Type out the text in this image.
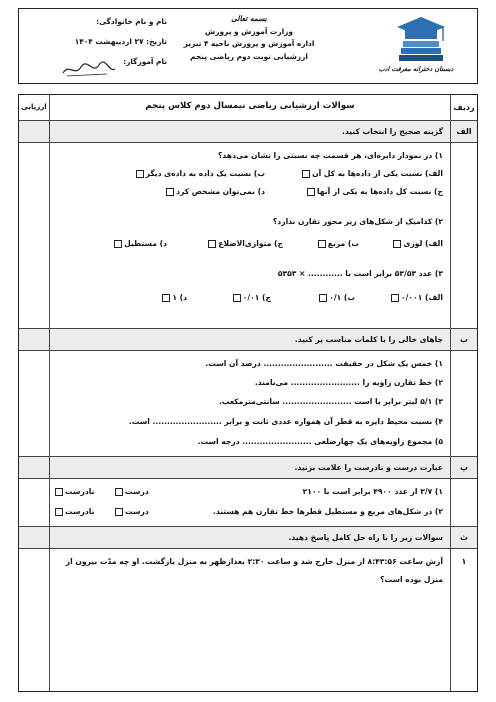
دبستان دخترانه معرفت ادب
بسمه تعالی
وزارت آموزش و پرورش
اداره آموزش و پرورش ناحیه ۴ تبریز
ارزشیابی نوبت دوم ریاضی پنجم
نام و نام خانوادگی:
تاریخ: ۲۷ اردیبهشت ۱۴۰۴
نام آموزگار:
ردیف
ارزیابی	سوالات ارزشیابی ریاضی نیمسال دوم کلاس پنجم
الف
گزینه صحیح را انتخاب کنید.
۱) در نمودار دایره‌ای، هر قسمت چه نسبتی را نشان می‌دهد؟
الف) نسبت یکی از داده‌ها به کل آن
ب) نسبت یک داده به داده‌ی دیگر
ج) نسبت کل داده‌ها به یکی از آنها
د) نمی‌توان مشخص کرد
۲) کدامیک از شکل‌های زیر محور تقارن ندارد؟
الف) لوزی
ب) مربع
ج) متوازی‌الاضلاع
د) مستطیل
۳) عدد ۵۳/۵۳ برابر است با ............ × ۵۳۵۳
الف) ۰/۰۰۱
ب) ۰/۱
ج) ۰/۰۱
د) ۱
ب
جاهای خالی را با کلمات مناسب پر کنید.
۱) خمس یک شکل در حقیقت ........................ درصد آن است.
۲) خط تقارن زاویه را ........................ می‌نامند.
۳) ۵/۱ لیتر برابر با است ........................ سانتی‌مترمکعب.
۴) نسبت محیط دایره به قطر آن همواره عددی ثابت و برابر ........................ است.
۵) مجموع زاویه‌های یک چهارضلعی ........................ درجه است.
پ
عبارت درست و نادرست را علامت بزنید.
۱) ۳/۷ از عدد ۴۹۰۰ برابر است با ۲۱۰۰
درست
نادرست
۲) در شکل‌های مربع و مستطیل قطر‌ها خط تقارن هم هستند.
درست
نادرست
ث
سوالات زیر را با راه حل کامل پاسخ دهید.
۱
آرش ساعت ۸:۴۳:۵۶ از منزل خارج شد و ساعت ۲:۳۰ بعدازظهر به منزل بازگشت. او چه مدّت بیرون از
منزل بوده است؟
